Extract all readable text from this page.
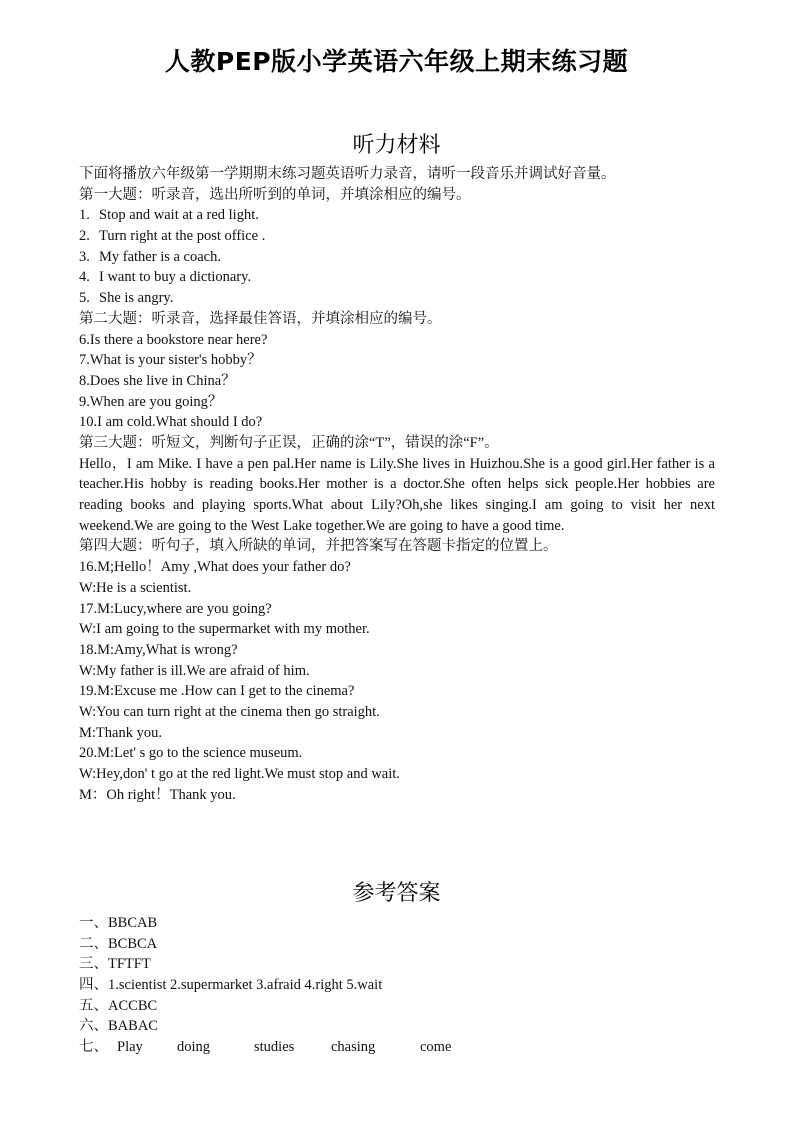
人教PEP版小学英语六年级上期末练习题
听力材料
下面将播放六年级第一学期期末练习题英语听力录音，请听一段音乐并调试好音量。
第一大题：听录音，选出所听到的单词，并填涂相应的编号。
1. Stop and wait at a red light.
2. Turn right at the post office .
3. My father is a coach.
4. I want to buy a dictionary.
5. She is angry.
第二大题：听录音，选择最佳答语，并填涂相应的编号。
6.Is there a bookstore near here?
7.What is your sister's hobby？
8.Does she live in China？
9.When are you going？
10.I am cold.What should I do?
第三大题：听短文，判断句子正误，正确的涂“T”，错误的涂“F”。
Hello，I am Mike. I have a pen pal.Her name is Lily.She lives in Huizhou.She is a good girl.Her father is a teacher.His hobby is reading books.Her mother is a doctor.She often helps sick people.Her hobbies are reading books and playing sports.What about Lily?Oh,she likes singing.I am going to visit her next weekend.We are going to the West Lake together.We are going to have a good time.
第四大题：听句子，填入所缺的单词，并把答案写在答题卡指定的位置上。
16.M;Hello！Amy ,What does your father do?
W:He is a scientist.
17.M:Lucy,where are you going?
W:I am going to the supermarket with my mother.
18.M:Amy,What is wrong?
W:My father is ill.We are afraid of him.
19.M:Excuse me .How can I get to the cinema?
W:You can turn right at the cinema then go straight.
M:Thank you.
20.M:Let' s go to the science museum.
W:Hey,don' t go at the red light.We must stop and wait.
M：Oh right！Thank you.
参考答案
一、BBCAB
二、BCBCA
三、TFTFT
四、1.scientist 2.supermarket 3.afraid 4.right 5.wait
五、ACCBC
六、BABAC
七、 Play doing	studies	chasing	come
